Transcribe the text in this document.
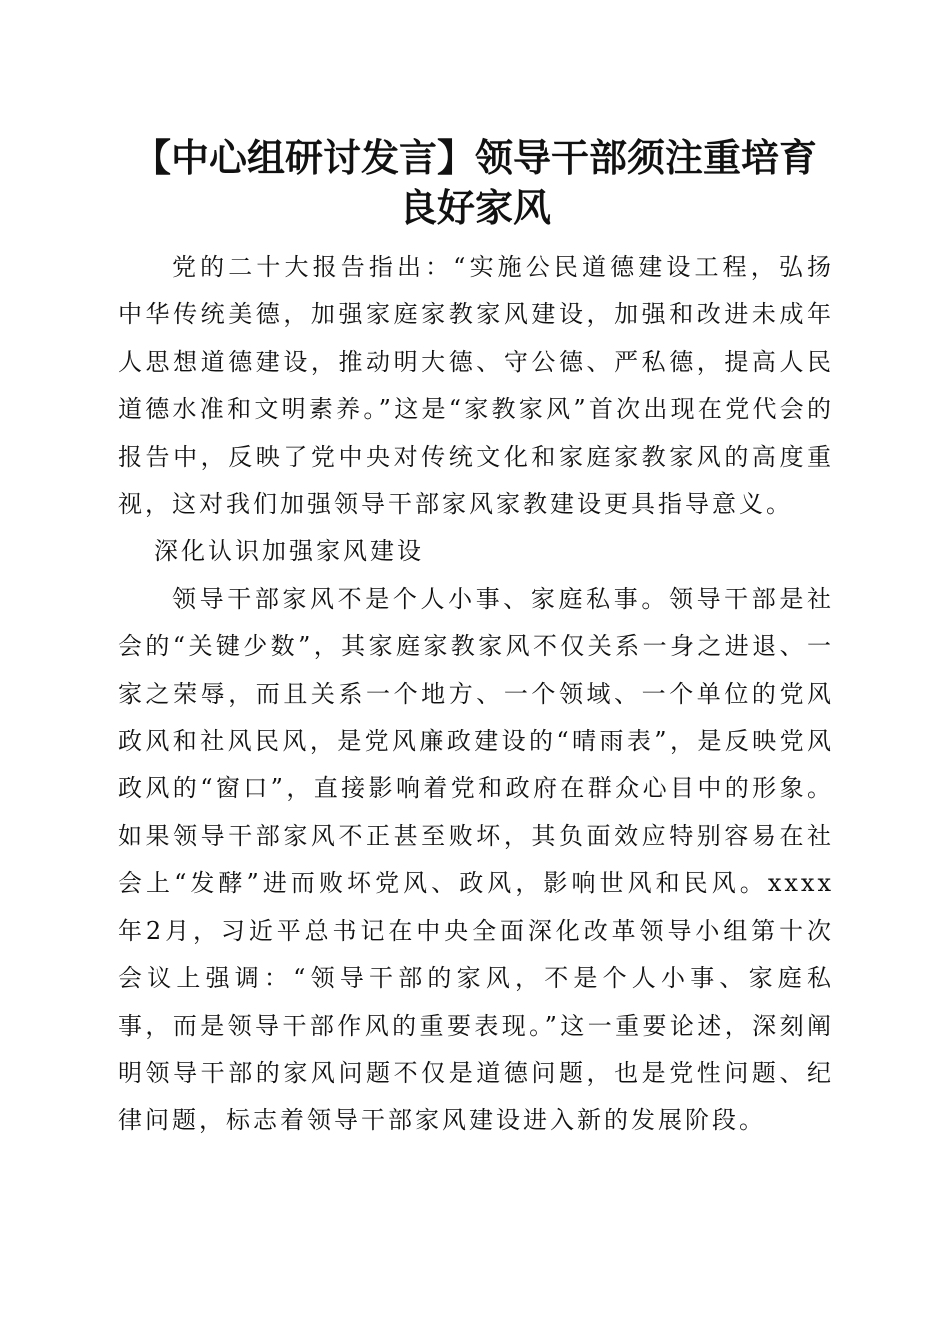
【中心组研讨发言】领导干部须注重培育良好家风

党的二十大报告指出：“实施公民道德建设工程，弘扬中华传统美德，加强家庭家教家风建设，加强和改进未成年人思想道德建设，推动明大德、守公德、严私德，提高人民道德水准和文明素养。”这是“家教家风”首次出现在党代会的报告中，反映了党中央对传统文化和家庭家教家风的高度重视，这对我们加强领导干部家风家教建设更具指导意义。

深化认识加强家风建设

领导干部家风不是个人小事、家庭私事。领导干部是社会的“关键少数”，其家庭家教家风不仅关系一身之进退、一家之荣辱，而且关系一个地方、一个领域、一个单位的党风政风和社风民风，是党风廉政建设的“晴雨表”，是反映党风政风的“窗口”，直接影响着党和政府在群众心目中的形象。如果领导干部家风不正甚至败坏，其负面效应特别容易在社会上“发酵”进而败坏党风、政风，影响世风和民风。xxxx年2月，习近平总书记在中央全面深化改革领导小组第十次会议上强调：“领导干部的家风，不是个人小事、家庭私事，而是领导干部作风的重要表现。”这一重要论述，深刻阐明领导干部的家风问题不仅是道德问题，也是党性问题、纪律问题，标志着领导干部家风建设进入新的发展阶段。
